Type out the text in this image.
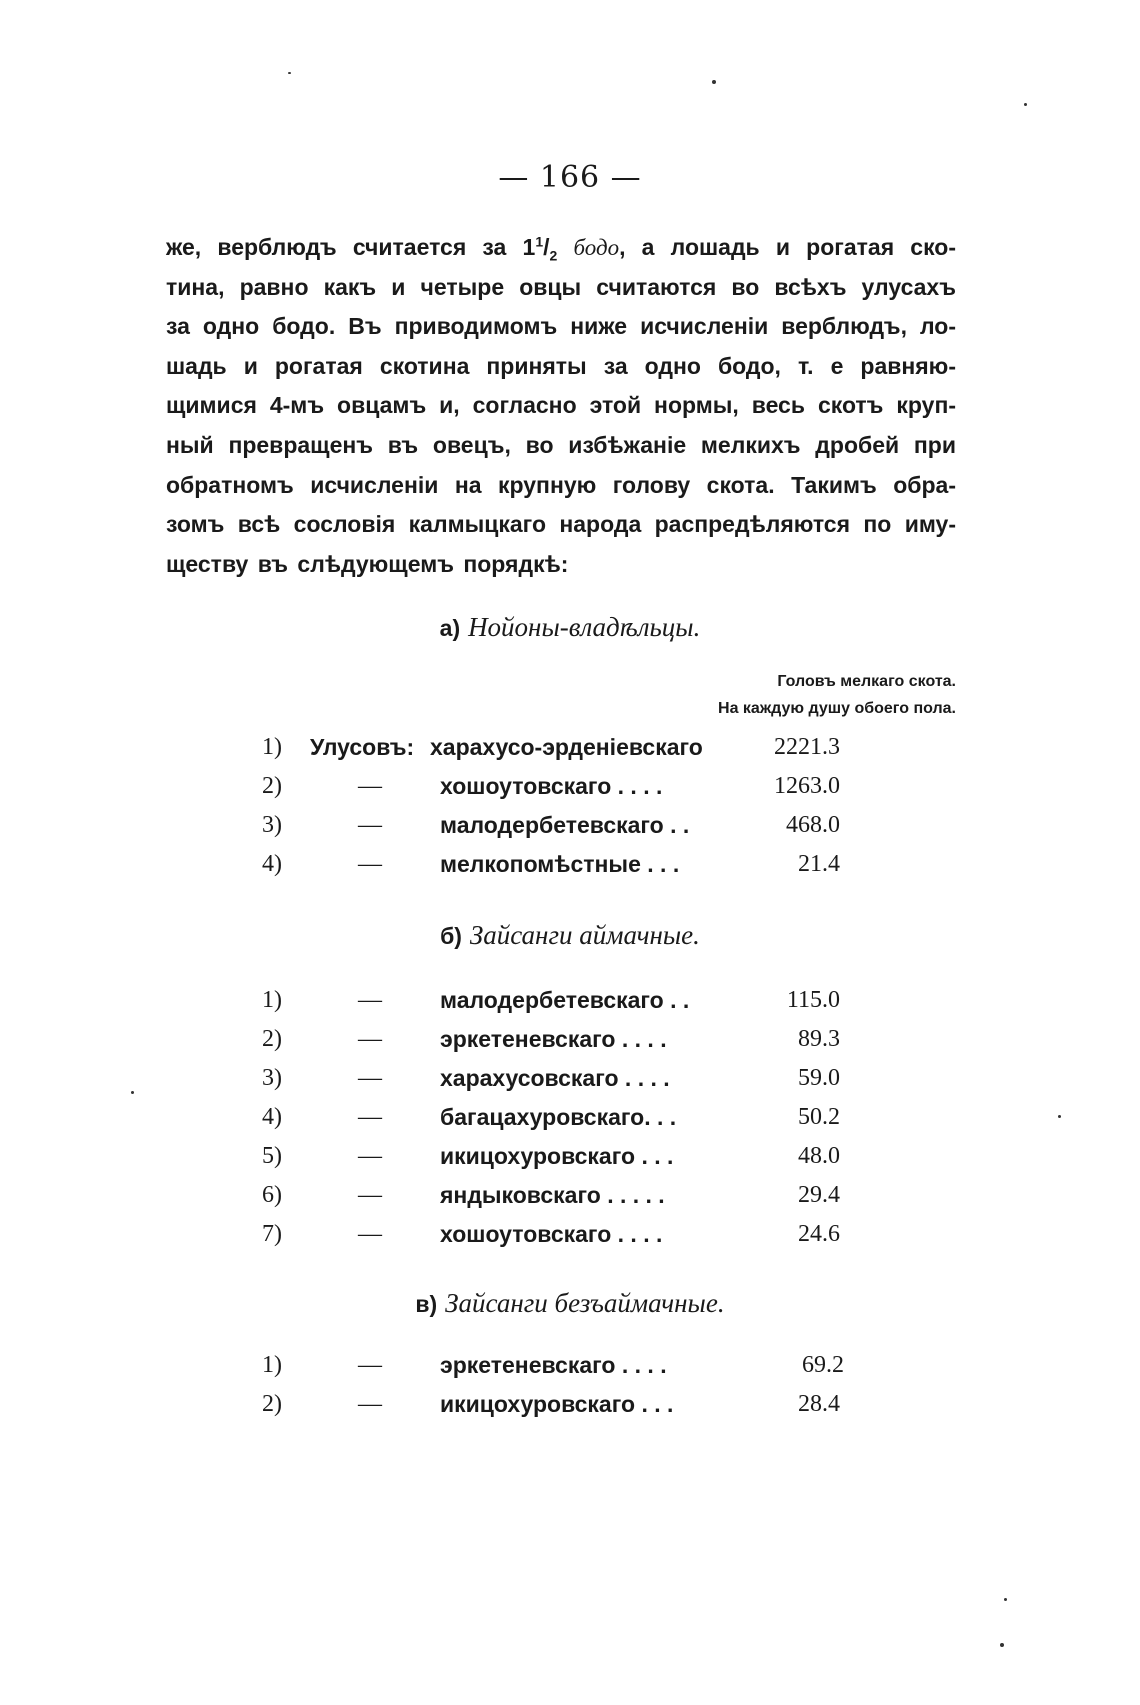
— 166 —
же, верблюдъ считается за $1^1/_2$ бодо, а лошадь и рогатая ско-
тина, равно какъ и четыре овцы считаются во всѣхъ улусахъ
за одно бодо. Въ приводимомъ ниже исчисленіи верблюдъ, ло-
шадь и рогатая скотина приняты за одно бодо, т. е равняю-
щимися 4-мъ овцамъ и, согласно этой нормы, весь скотъ круп-
ный превращенъ въ овецъ, во избѣжаніе мелкихъ дробей при
обратномъ исчисленіи на крупную голову скота. Такимъ обра-
зомъ всѣ сословія калмыцкаго народа распредѣляются по иму-
ществу въ слѣдующемъ порядкѣ:
а) Нойоны-владѣльцы.
Головъ мелкаго скота.
На каждую душу обоего пола.
1)	Улусовъ: харахусо-эрденіевскаго	2221.3
2)	—	хошоутовскаго . . . .	1263.0
3)	—	малодербетевскаго . .	468.0
4)	—	мелкопомѣстные . . .	21.4
б) Зайсанги аймачные.
1)	—	малодербетевскаго . .	115.0
2)	—	эркетеневскаго . . . .	89.3
3)	—	харахусовскаго . . . .	59.0
4)	—	багацахуровскаго. . .	50.2
5)	—	икицохуровскаго . . .	48.0
6)	—	яндыковскаго . . . . .	29.4
7)	—	хошоутовскаго . . . .	24.6
в) Зайсанги безъаймачные.
1)	—	эркетеневскаго . . . .	69.2
2)	—	икицохуровскаго . . .	28.4
